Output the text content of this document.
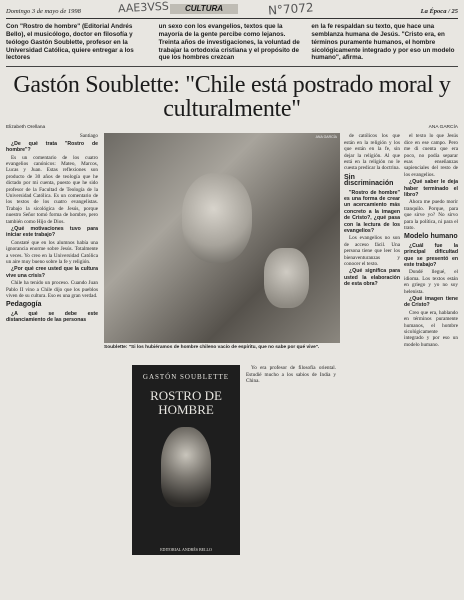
Domingo 3 de mayo de 1998	AAE3VSS	CULTURA	N°7072	La Época / 25
Con "Rostro de hombre" (Editorial Andrés Bello), el musicólogo, doctor en filosofía y teólogo Gastón Soublette, profesor en la Universidad Católica, quiere entregar a los lectores
un sexo con los evangelios, textos que la mayoría de la gente percibe como lejanos. Treinta años de investigaciones, la voluntad de trabajar la ortodoxia cristiana y el propósito de que los hombres crezcan
en la fe respaldan su texto, que hace una semblanza humana de Jesús. "Cristo era, en términos puramente humanos, el hombre sicológicamente integrado y por eso un modelo humano", afirma.
Gastón Soublette: "Chile está postrado moral y culturalmente"
Elizabeth Orellana	ANA GARCÍA

Santiago

¿De qué trata "Rostro de hombre"?

Es un comentario de los cuatro evangelios canónicos: Mateo, Marcos, Lucas y Juan. Estas reflexiones son producto de 30 años de teología que he dictado por mi cuenta, puesto que he sido profesor de la Facultad de Teología de la Universidad Católica. Es un comentario de los textos de los cuatro evangelistas. Trabajo la sicológica de Jesús, porque nuestro Señor tomó forma de hombre, pero también como Hijo de Dios.

¿Qué motivaciones tuvo para iniciar este trabajo?

Constaté que en los alumnos había una ignorancia enorme sobre Jesús. Totalmente a veces. Yo creo en la Universidad Católica un aire muy bueno sobre la fe y religión.

¿Por qué cree usted que la cultura vive una crisis?

Chile ha tenido un proceso. Cuando Juan Pablo II vino a Chile dijo que los pueblos viven de su cultura. Eso es una gran verdad.

Pedagogía

¿A qué se debe este distanciamiento de las personas

ANA GARCÍA
Soublette: "Si los hubiéramos de hombre chileno vacío de espíritu, que no sabe por qué vive".
GASTÓN SOUBLETTE
ROSTRO DE HOMBRE
EDITORIAL ANDRÉS BELLO

Yo era profesor de filosofía oriental. Estudié mucho a los sabios de India y China.

de católicos los que están en la religión y los que están en la fe, sin dejar la religión. Al que está en la religión no le cuesta predicar la doctrina.

Sin discriminación

"Rostro de hombre" es una forma de crear un acercamiento más concreto a la imagen de Cristo?, ¿qué pasa con la lectura de los evangelios?

Los evangelios no son de acceso fácil. Una persona tiene que leer los bienaventuranzas y conocer el texto.

¿Qué significa para usted la elaboración de esta obra?

el texto lo que Jesús dice en ese campo. Pero me di cuenta que era poco, no podía separar esas enseñanzas sapienciales del resto de los evangelios.

¿Qué saber le deja haber terminado el libro?

Ahora me puedo morir tranquilo. Porque, para que sirve yo? No sirvo para la política, ni para el trato.

Modelo humano

¿Cuál fue la principal dificultad que se presentó en este trabajo?

Dondé llegué, el idioma. Los textos están en griego y yo no soy helenista.

¿Qué imagen tiene de Cristo?

Creo que era, hablando en términos puramente humanos, el hombre sicológicamente integrado y por eso un modelo humano.
